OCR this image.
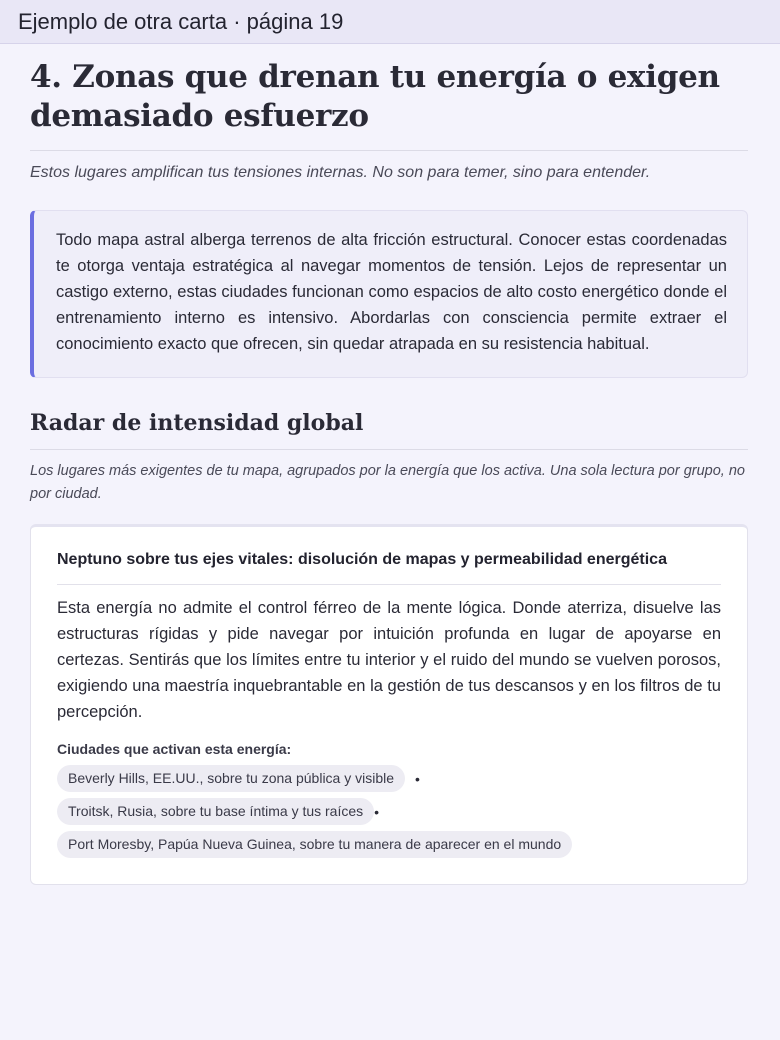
Ejemplo de otra carta · página 19
4. Zonas que drenan tu energía o exigen demasiado esfuerzo

Estos lugares amplifican tus tensiones internas. No son para temer, sino para entender.

Todo mapa astral alberga terrenos de alta fricción estructural. Conocer estas coordenadas te otorga ventaja estratégica al navegar momentos de tensión. Lejos de representar un castigo externo, estas ciudades funcionan como espacios de alto costo energético donde el entrenamiento interno es intensivo. Abordarlas con consciencia permite extraer el conocimiento exacto que ofrecen, sin quedar atrapada en su resistencia habitual.
Radar de intensidad global

Los lugares más exigentes de tu mapa, agrupados por la energía que los activa. Una sola lectura por grupo, no por ciudad.

Neptuno sobre tus ejes vitales: disolución de mapas y permeabilidad energética
Esta energía no admite el control férreo de la mente lógica. Donde aterriza, disuelve las estructuras rígidas y pide navegar por intuición profunda en lugar de apoyarse en certezas. Sentirás que los límites entre tu interior y el ruido del mundo se vuelven porosos, exigiendo una maestría inquebrantable en la gestión de tus descansos y en los filtros de tu percepción.
Ciudades que activan esta energía:
Beverly Hills, EE.UU., sobre tu zona pública y visible	•
Troitsk, Rusia, sobre tu base íntima y tus raíces •
Port Moresby, Papúa Nueva Guinea, sobre tu manera de aparecer en el mundo
